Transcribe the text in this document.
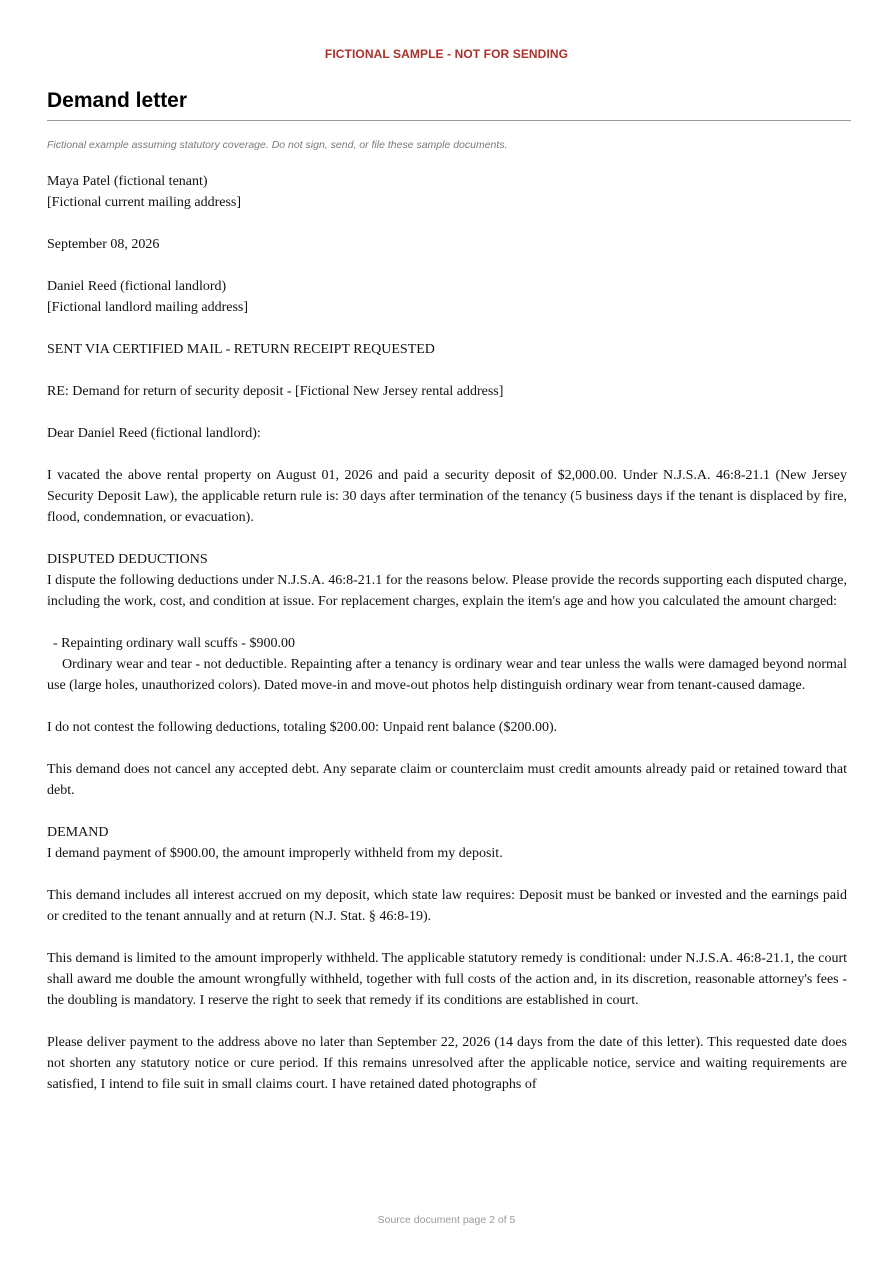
FICTIONAL SAMPLE - NOT FOR SENDING
Demand letter
Fictional example assuming statutory coverage. Do not sign, send, or file these sample documents.

Maya Patel (fictional tenant)
[Fictional current mailing address]

September 08, 2026

Daniel Reed (fictional landlord)
[Fictional landlord mailing address]

SENT VIA CERTIFIED MAIL - RETURN RECEIPT REQUESTED

RE: Demand for return of security deposit - [Fictional New Jersey rental address]

Dear Daniel Reed (fictional landlord):

I vacated the above rental property on August 01, 2026 and paid a security deposit of $2,000.00. Under N.J.S.A. 46:8-21.1 (New Jersey Security Deposit Law), the applicable return rule is: 30 days after termination of the tenancy (5 business days if the tenant is displaced by fire, flood, condemnation, or evacuation).

DISPUTED DEDUCTIONS

I dispute the following deductions under N.J.S.A. 46:8-21.1 for the reasons below. Please provide the records supporting each disputed charge, including the work, cost, and condition at issue. For replacement charges, explain the item's age and how you calculated the amount charged:

- Repainting ordinary wall scuffs - $900.00

Ordinary wear and tear - not deductible. Repainting after a tenancy is ordinary wear and tear unless the walls were damaged beyond normal use (large holes, unauthorized colors). Dated move-in and move-out photos help distinguish ordinary wear from tenant-caused damage.

I do not contest the following deductions, totaling $200.00: Unpaid rent balance ($200.00).

This demand does not cancel any accepted debt. Any separate claim or counterclaim must credit amounts already paid or retained toward that debt.

DEMAND

I demand payment of $900.00, the amount improperly withheld from my deposit.

This demand includes all interest accrued on my deposit, which state law requires: Deposit must be banked or invested and the earnings paid or credited to the tenant annually and at return (N.J. Stat. § 46:8-19).

This demand is limited to the amount improperly withheld. The applicable statutory remedy is conditional: under N.J.S.A. 46:8-21.1, the court shall award me double the amount wrongfully withheld, together with full costs of the action and, in its discretion, reasonable attorney's fees - the doubling is mandatory. I reserve the right to seek that remedy if its conditions are established in court.

Please deliver payment to the address above no later than September 22, 2026 (14 days from the date of this letter). This requested date does not shorten any statutory notice or cure period. If this remains unresolved after the applicable notice, service and waiting requirements are satisfied, I intend to file suit in small claims court. I have retained dated photographs of

Source document page 2 of 5
